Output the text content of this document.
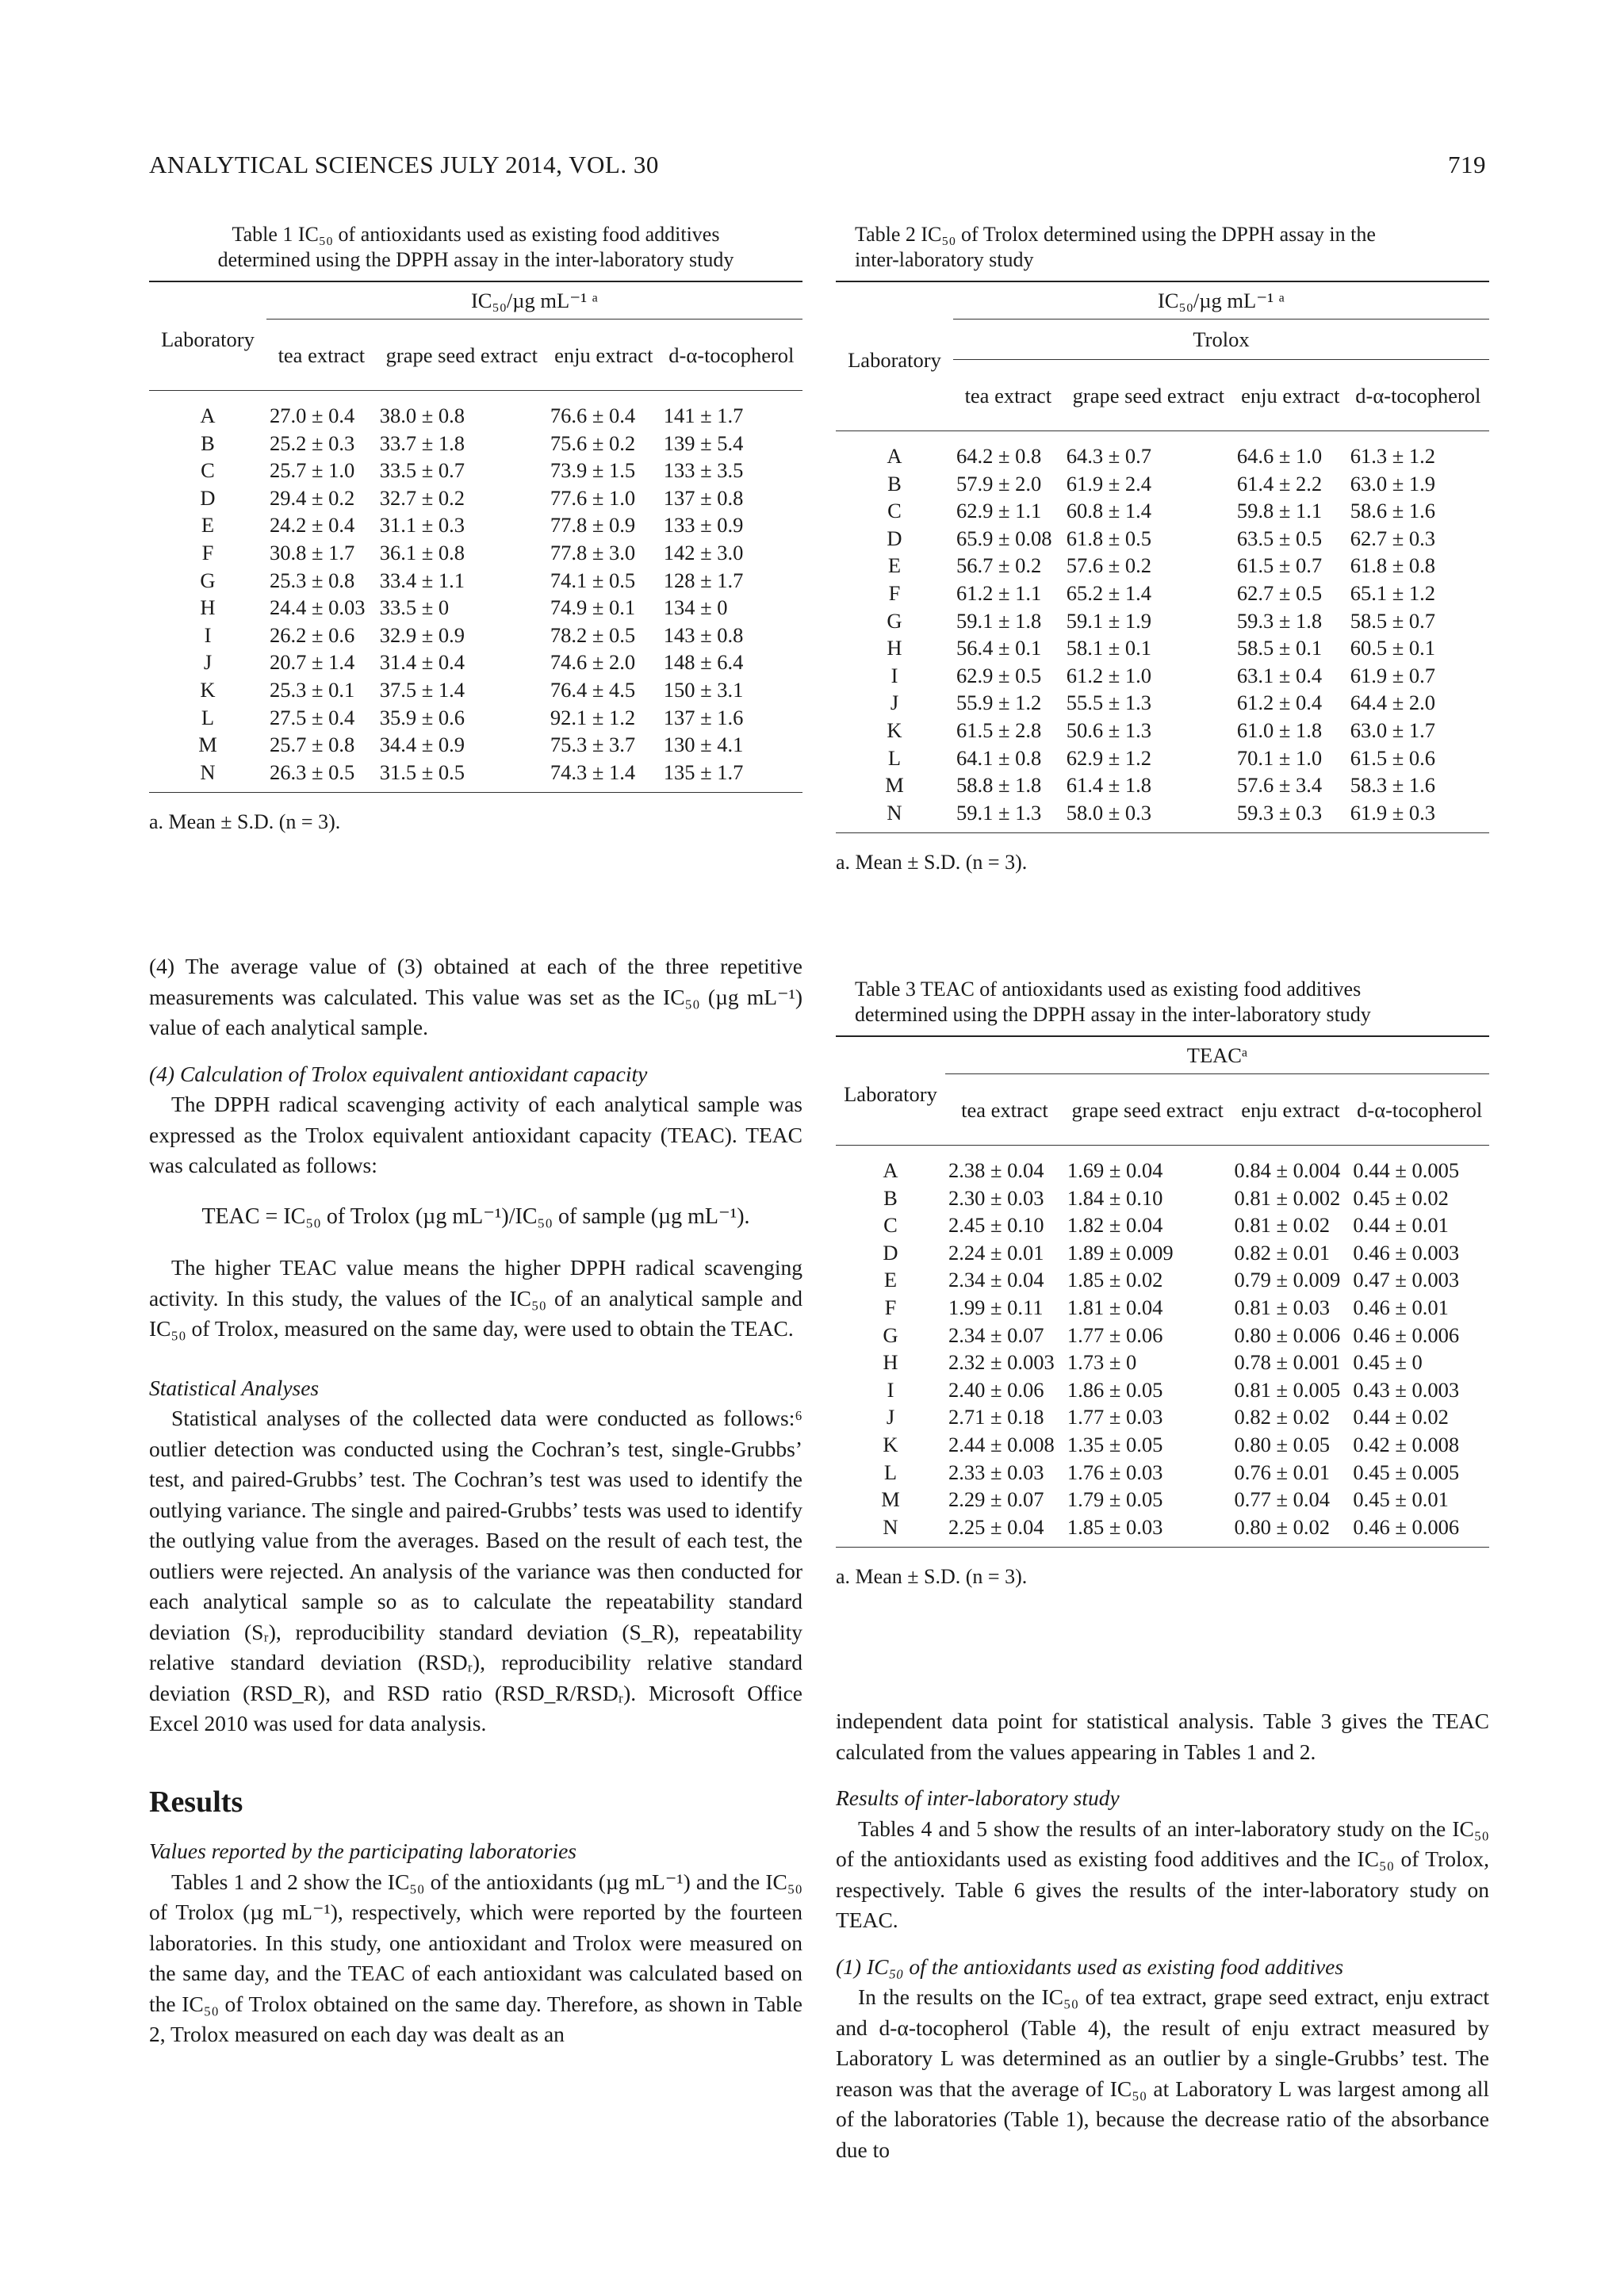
ANALYTICAL SCIENCES JULY 2014, VOL. 30	719
Table 1 IC₅₀ of antioxidants used as existing food additives
determined using the DPPH assay in the inter-laboratory study
Laboratory	IC₅₀/µg mL⁻¹ ᵃ			
	tea extract	grape seed extract	enju extract	d-α-tocopherol

A	27.0 ± 0.4	38.0 ± 0.8	76.6 ± 0.4	141 ± 1.7
B	25.2 ± 0.3	33.7 ± 1.8	75.6 ± 0.2	139 ± 5.4
C	25.7 ± 1.0	33.5 ± 0.7	73.9 ± 1.5	133 ± 3.5
D	29.4 ± 0.2	32.7 ± 0.2	77.6 ± 1.0	137 ± 0.8
E	24.2 ± 0.4	31.1 ± 0.3	77.8 ± 0.9	133 ± 0.9
F	30.8 ± 1.7	36.1 ± 0.8	77.8 ± 3.0	142 ± 3.0
G	25.3 ± 0.8	33.4 ± 1.1	74.1 ± 0.5	128 ± 1.7
H	24.4 ± 0.03	33.5 ± 0	74.9 ± 0.1	134 ± 0
I	26.2 ± 0.6	32.9 ± 0.9	78.2 ± 0.5	143 ± 0.8
J	20.7 ± 1.4	31.4 ± 0.4	74.6 ± 2.0	148 ± 6.4
K	25.3 ± 0.1	37.5 ± 1.4	76.4 ± 4.5	150 ± 3.1
L	27.5 ± 0.4	35.9 ± 0.6	92.1 ± 1.2	137 ± 1.6
M	25.7 ± 0.8	34.4 ± 0.9	75.3 ± 3.7	130 ± 4.1
N	26.3 ± 0.5	31.5 ± 0.5	74.3 ± 1.4	135 ± 1.7

a. Mean ± S.D. (n = 3).
Table 2 IC₅₀ of Trolox determined using the DPPH assay in the
inter-laboratory study
Laboratory	IC₅₀/µg mL⁻¹ ᵃ			
	Trolox			
	tea extract	grape seed extract	enju extract	d-α-tocopherol

A	64.2 ± 0.8	64.3 ± 0.7	64.6 ± 1.0	61.3 ± 1.2
B	57.9 ± 2.0	61.9 ± 2.4	61.4 ± 2.2	63.0 ± 1.9
C	62.9 ± 1.1	60.8 ± 1.4	59.8 ± 1.1	58.6 ± 1.6
D	65.9 ± 0.08	61.8 ± 0.5	63.5 ± 0.5	62.7 ± 0.3
E	56.7 ± 0.2	57.6 ± 0.2	61.5 ± 0.7	61.8 ± 0.8
F	61.2 ± 1.1	65.2 ± 1.4	62.7 ± 0.5	65.1 ± 1.2
G	59.1 ± 1.8	59.1 ± 1.9	59.3 ± 1.8	58.5 ± 0.7
H	56.4 ± 0.1	58.1 ± 0.1	58.5 ± 0.1	60.5 ± 0.1
I	62.9 ± 0.5	61.2 ± 1.0	63.1 ± 0.4	61.9 ± 0.7
J	55.9 ± 1.2	55.5 ± 1.3	61.2 ± 0.4	64.4 ± 2.0
K	61.5 ± 2.8	50.6 ± 1.3	61.0 ± 1.8	63.0 ± 1.7
L	64.1 ± 0.8	62.9 ± 1.2	70.1 ± 1.0	61.5 ± 0.6
M	58.8 ± 1.8	61.4 ± 1.8	57.6 ± 3.4	58.3 ± 1.6
N	59.1 ± 1.3	58.0 ± 0.3	59.3 ± 0.3	61.9 ± 0.3

a. Mean ± S.D. (n = 3).

(4) The average value of (3) obtained at each of the three repetitive measurements was calculated. This value was set as the IC₅₀ (µg mL⁻¹) value of each analytical sample.

(4) Calculation of Trolox equivalent antioxidant capacity

The DPPH radical scavenging activity of each analytical sample was expressed as the Trolox equivalent antioxidant capacity (TEAC). TEAC was calculated as follows:

TEAC = IC₅₀ of Trolox (µg mL⁻¹)/IC₅₀ of sample (µg mL⁻¹).

The higher TEAC value means the higher DPPH radical scavenging activity. In this study, the values of the IC₅₀ of an analytical sample and IC₅₀ of Trolox, measured on the same day, were used to obtain the TEAC.

Statistical Analyses

Statistical analyses of the collected data were conducted as follows:⁶ outlier detection was conducted using the Cochran’s test, single-Grubbs’ test, and paired-Grubbs’ test. The Cochran’s test was used to identify the outlying variance. The single and paired-Grubbs’ tests was used to identify the outlying value from the averages. Based on the result of each test, the outliers were rejected. An analysis of the variance was then conducted for each analytical sample so as to calculate the repeatability standard deviation (Sᵣ), reproducibility standard deviation (S_R), repeatability relative standard deviation (RSDᵣ), reproducibility relative standard deviation (RSD_R), and RSD ratio (RSD_R/RSDᵣ). Microsoft Office Excel 2010 was used for data analysis.

Results

Values reported by the participating laboratories

Tables 1 and 2 show the IC₅₀ of the antioxidants (µg mL⁻¹) and the IC₅₀ of Trolox (µg mL⁻¹), respectively, which were reported by the fourteen laboratories. In this study, one antioxidant and Trolox were measured on the same day, and the TEAC of each antioxidant was calculated based on the IC₅₀ of Trolox obtained on the same day. Therefore, as shown in Table 2, Trolox measured on each day was dealt as an

Table 3 TEAC of antioxidants used as existing food additives
determined using the DPPH assay in the inter-laboratory study
Laboratory	TEACᵃ			
	tea extract	grape seed extract	enju extract	d-α-tocopherol

A	2.38 ± 0.04	1.69 ± 0.04	0.84 ± 0.004	0.44 ± 0.005
B	2.30 ± 0.03	1.84 ± 0.10	0.81 ± 0.002	0.45 ± 0.02
C	2.45 ± 0.10	1.82 ± 0.04	0.81 ± 0.02	0.44 ± 0.01
D	2.24 ± 0.01	1.89 ± 0.009	0.82 ± 0.01	0.46 ± 0.003
E	2.34 ± 0.04	1.85 ± 0.02	0.79 ± 0.009	0.47 ± 0.003
F	1.99 ± 0.11	1.81 ± 0.04	0.81 ± 0.03	0.46 ± 0.01
G	2.34 ± 0.07	1.77 ± 0.06	0.80 ± 0.006	0.46 ± 0.006
H	2.32 ± 0.003	1.73 ± 0	0.78 ± 0.001	0.45 ± 0
I	2.40 ± 0.06	1.86 ± 0.05	0.81 ± 0.005	0.43 ± 0.003
J	2.71 ± 0.18	1.77 ± 0.03	0.82 ± 0.02	0.44 ± 0.02
K	2.44 ± 0.008	1.35 ± 0.05	0.80 ± 0.05	0.42 ± 0.008
L	2.33 ± 0.03	1.76 ± 0.03	0.76 ± 0.01	0.45 ± 0.005
M	2.29 ± 0.07	1.79 ± 0.05	0.77 ± 0.04	0.45 ± 0.01
N	2.25 ± 0.04	1.85 ± 0.03	0.80 ± 0.02	0.46 ± 0.006

a. Mean ± S.D. (n = 3).

independent data point for statistical analysis. Table 3 gives the TEAC calculated from the values appearing in Tables 1 and 2.

Results of inter-laboratory study

Tables 4 and 5 show the results of an inter-laboratory study on the IC₅₀ of the antioxidants used as existing food additives and the IC₅₀ of Trolox, respectively. Table 6 gives the results of the inter-laboratory study on TEAC.

(1) IC₅₀ of the antioxidants used as existing food additives

In the results on the IC₅₀ of tea extract, grape seed extract, enju extract and d-α-tocopherol (Table 4), the result of enju extract measured by Laboratory L was determined as an outlier by a single-Grubbs’ test. The reason was that the average of IC₅₀ at Laboratory L was largest among all of the laboratories (Table 1), because the decrease ratio of the absorbance due to
